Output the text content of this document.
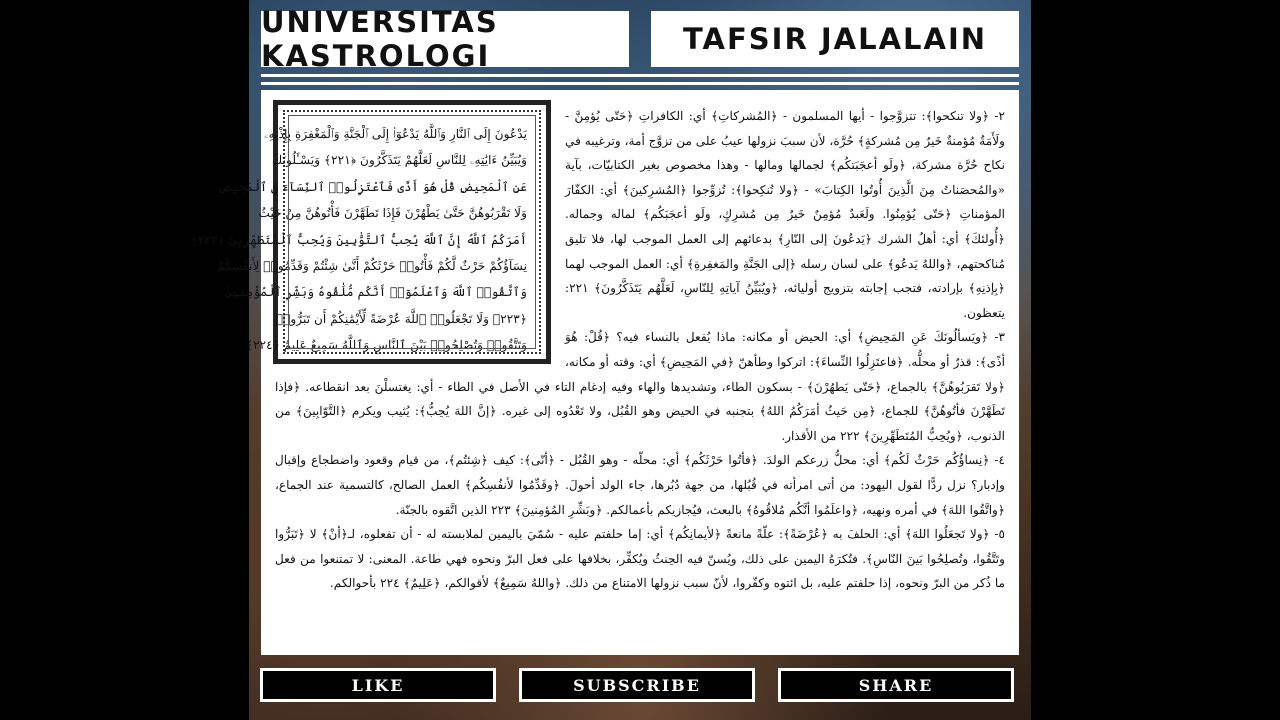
UNIVERSITAS KASTROLOGI	TAFSIR JALALAIN
يَدْعُونَ إِلَى ٱلنَّارِ وَٱللَّهُ يَدْعُوٓا۟ إِلَى ٱلْجَنَّةِ وَٱلْمَغْفِرَةِ بِإِذْنِهِۦ
وَيُبَيِّنُ ءَايَٰتِهِۦ لِلنَّاسِ لَعَلَّهُمْ يَتَذَكَّرُونَ ﴿٢٢١﴾ وَيَسْـَٔلُونَكَ
عَنِ ٱلْمَحِيضِ قُلْ هُوَ أَذًى فَٱعْتَزِلُوا۟ ٱلنِّسَآءَ فِى ٱلْمَحِيضِ
وَلَا تَقْرَبُوهُنَّ حَتَّىٰ يَطْهُرْنَ فَإِذَا تَطَهَّرْنَ فَأْتُوهُنَّ مِنْ حَيْثُ
أَمَرَكُمُ ٱللَّهُ إِنَّ ٱللَّهَ يُحِبُّ ٱلتَّوَّٰبِينَ وَيُحِبُّ ٱلْمُتَطَهِّرِينَ ﴿٢٢٢﴾
نِسَآؤُكُمْ حَرْثٌ لَّكُمْ فَأْتُوا۟ حَرْثَكُمْ أَنَّىٰ شِئْتُمْ وَقَدِّمُوا۟ لِأَنفُسِكُمْ
وَٱتَّقُوا۟ ٱللَّهَ وَٱعْلَمُوٓا۟ أَنَّكُم مُّلَٰقُوهُ وَبَشِّرِ ٱلْمُؤْمِنِينَ
﴿٢٢٣﴾ وَلَا تَجْعَلُوا۟ ٱللَّهَ عُرْضَةً لِّأَيْمَٰنِكُمْ أَن تَبَرُّوا۟
وَتَتَّقُوا۟ وَتُصْلِحُوا۟ بَيْنَ ٱلنَّاسِ وَٱللَّهُ سَمِيعٌ عَلِيمٌ ﴿٢٢٤﴾

٢- ﴿ولا تنكحوا﴾: تتزوَّجوا - أيها المسلمون - ﴿المُشركاتِ﴾ أي: الكافراتِ ﴿حَتّى يُؤمِنَّ - ولَأَمَةٌ مُؤمنةٌ خَيرٌ مِن مُشركةٍ﴾ حُرَّة، لأن سببَ نزولها عيبُ على من تزوَّج أمة، وترغيبه في نكاح حُرَّة مشركة، ﴿ولَو أعجَبَتكُم﴾ لجمالها ومالها - وهذا مخصوص بغير الكتابيّات، بآية «والمُحصَناتُ مِنَ الَّذِينَ أُوتُوا الكِتابَ» - ﴿ولا تُنكِحوا﴾: تُزوِّجوا ﴿المُشرِكينَ﴾ أي: الكفّارَ المؤمناتِ ﴿حَتّى يُؤمِنُوا. ولَعَبدٌ مُؤمِنٌ خَيرٌ مِن مُشرِكٍ، ولَو أعجَبَكُم﴾ لماله وجماله. ﴿أُولئكَ﴾ أي: أهلُ الشرك ﴿يَدعُونَ إلى النّارِ﴾ بدعائهم إلى العمل الموجب لها، فلا تليق مُناكحتهم، ﴿واللهُ يَدعُو﴾ على لسان رسله ﴿إلى الجَنَّةِ والمَغفِرةِ﴾ أي: العمل الموجب لهما ﴿بِإذنِهِ﴾ بإرادته، فتجب إجابته بتزويج أوليائه، ﴿ويُبَيِّنُ آياتِهِ لِلنّاسِ، لَعَلَّهُم يَتَذَكَّرُونَ﴾ ٢٢١: يتعظون.

٣- ﴿ويَسألُونَكَ عَنِ المَحِيضِ﴾ أي: الحيض أو مكانه: ماذا يُفعل بالنساء فيه؟ ﴿قُلْ: هُوَ أذًى﴾: قذرٌ أو محلُّه. ﴿فاعتَزِلُوا النِّساءَ﴾: اتركوا وطأهنّ ﴿في المَحِيضِ﴾ أي: وقته أو مكانه، ﴿ولا تَقرَبُوهُنَّ﴾ بالجماع، ﴿حَتّى يَطهُرْنَ﴾ - بسكون الطاء، وتشديدها والهاء وفيه إدغام التاء في الأصل في الطاء - أي: يغتسلْنَ بعد انقطاعه. ﴿فإذا تَطَهَّرْنَ فأتُوهُنَّ﴾ للجماع، ﴿مِن حَيثُ أمَرَكُمُ اللهُ﴾ بتجنبه في الحيض وهو القُبُل، ولا تَعْدُوه إلى غيره. ﴿إنَّ اللهَ يُحِبُّ﴾: يُثيب ويكرم ﴿التَّوّابِينَ﴾ من الذنوب، ﴿ويُحِبُّ المُتَطَهِّرِينَ﴾ ٢٢٢ من الأقذار.

٤- ﴿نِساؤُكُم حَرْثٌ لَكُم﴾ أي: محلُّ زرعكم الولدَ. ﴿فأتُوا حَرْثَكُم﴾ أي: محلّه - وهو القُبُل - ﴿أنّى﴾: كيف ﴿شِئتُم﴾، من قيام وقعود واضطجاع وإقبال وإدبار؟ نزل ردًّا لقول اليهود: من أتى امرأته في قُبُلها، من جهة دُبُرها، جاء الولد أحولَ. ﴿وقَدِّمُوا لأنفُسِكُم﴾ العمل الصالح، كالتسمية عند الجماع، ﴿واتَّقُوا اللهَ﴾ في أمره ونهيه، ﴿واعلَمُوا أنَّكُم مُلاقُوهُ﴾ بالبعث، فيُجازيكم بأعمالكم. ﴿وبَشِّرِ المُؤمِنينَ﴾ ٢٢٣ الذين اتَّقوه بالجنّة.

٥- ﴿ولا تَجعَلُوا اللهَ﴾ أي: الحلفَ به ﴿عُرْضَةً﴾: علّةً مانعةً ﴿لأيمانِكُم﴾ أي: إما حلفتم عليه - سُمّيَ باليمين لملابسته له - أن تفعلوه، لـ﴿أنْ﴾ لا ﴿تَبَرُّوا وتَتَّقُوا، وتُصلِحُوا بَينَ النّاسِ﴾. فتُكرَهُ اليمين على ذلك، ويُسنّ فيه الحِنثُ ويُكفِّر، بخلافها على فعل البرّ ونحوه فهي طاعة. المعنى: لا تمتنعوا من فعل ما ذُكر من البرّ ونحوه، إذا حلفتم عليه، بل ائتوه وكفّروا، لأنّ سبب نزولها الامتناع من ذلك. ﴿واللهُ سَمِيعٌ﴾ لأقوالكم، ﴿عَلِيمٌ﴾ ٢٢٤ بأحوالكم.

LIKE	SUBSCRIBE	SHARE
